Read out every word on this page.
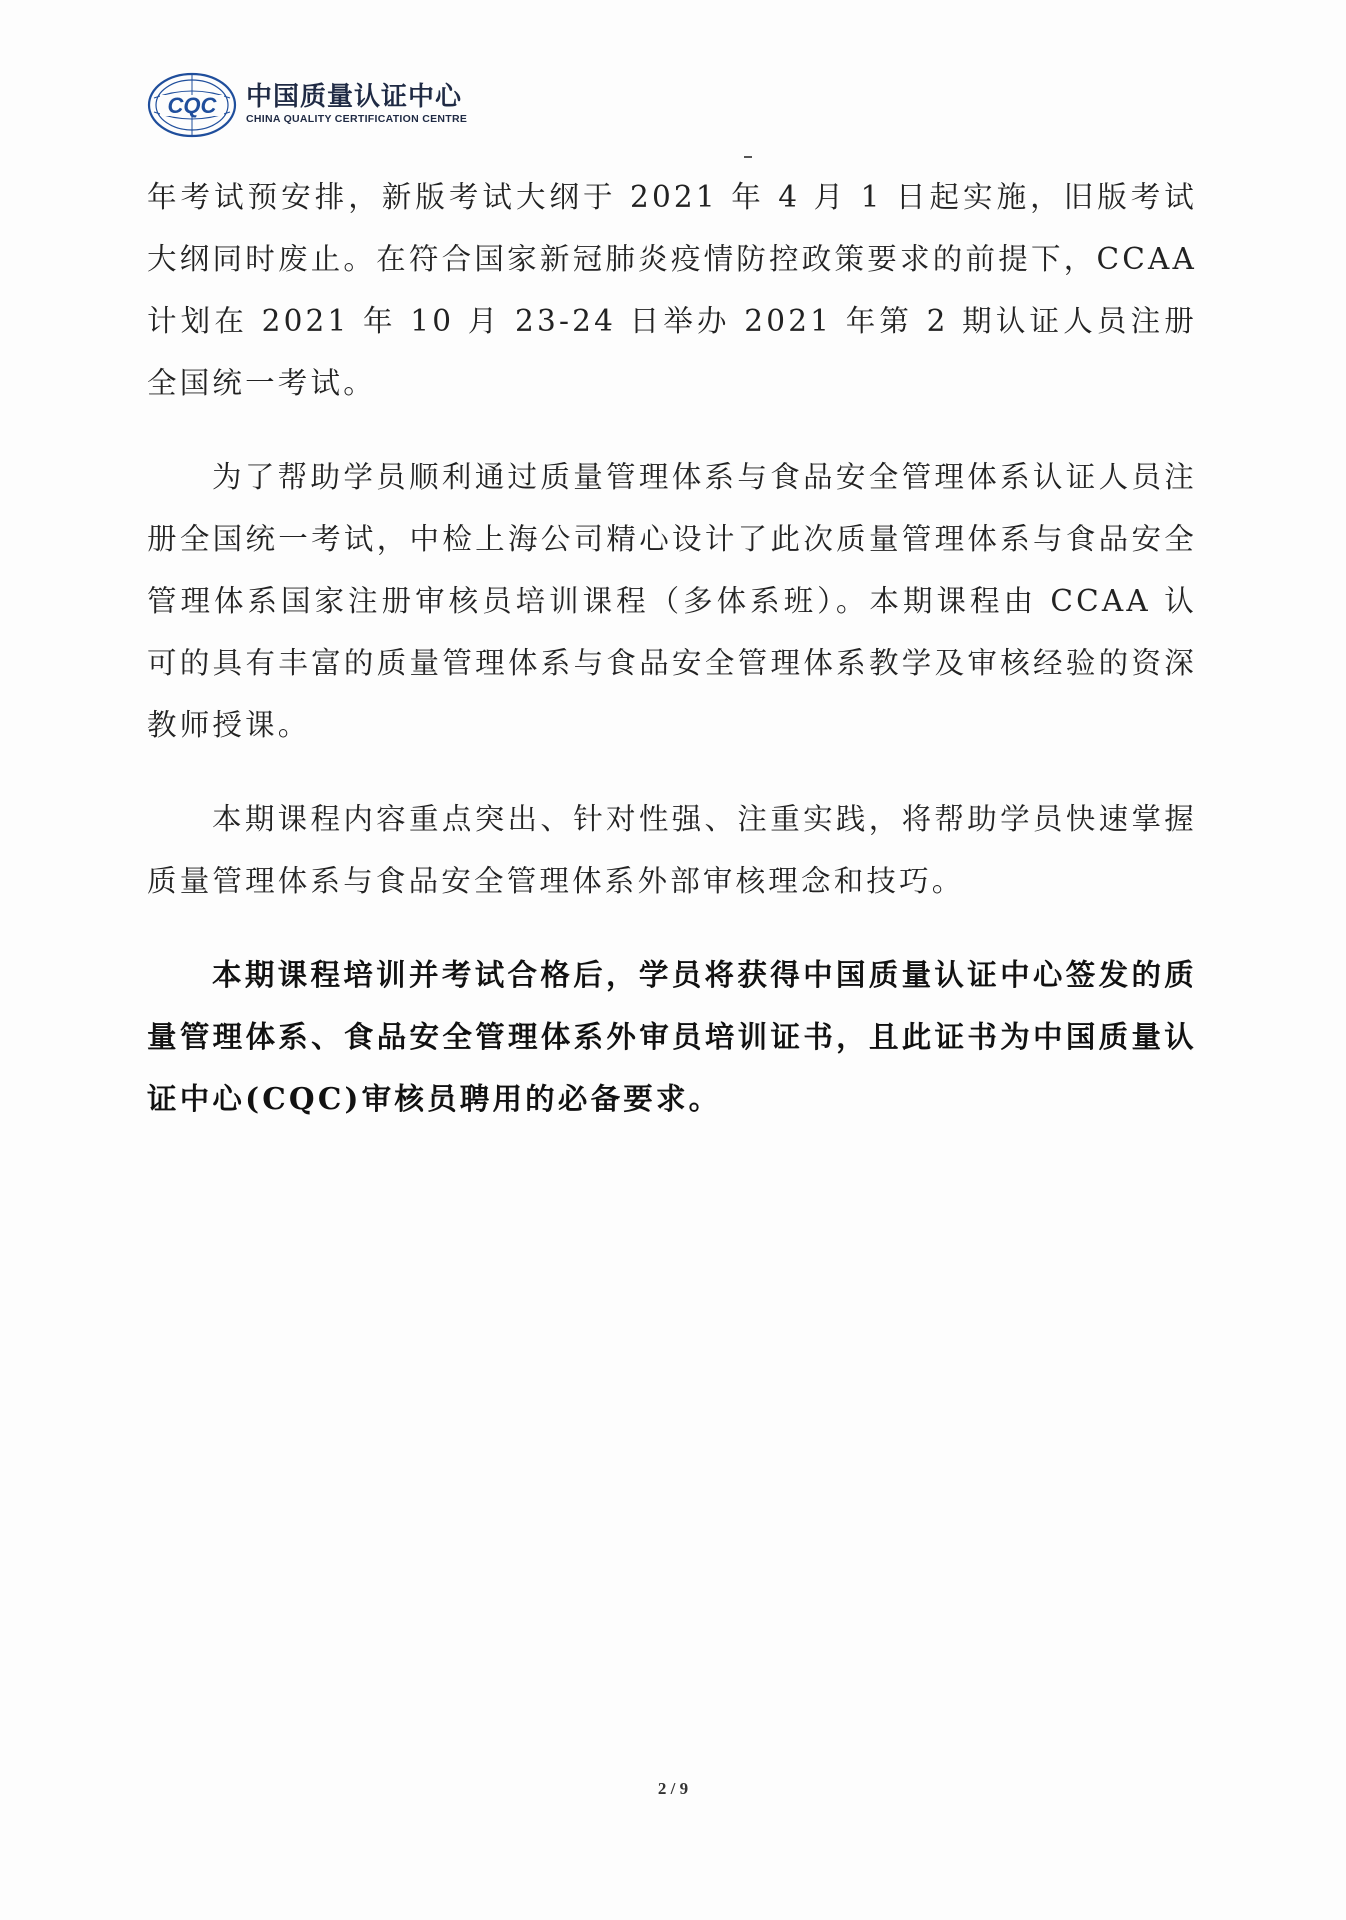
CQC 中国质量认证中心
CHINA QUALITY CERTIFICATION CENTRE

年考试预安排，新版考试大纲于 2021 年 4 月 1 日起实施，旧版考试大纲同时废止。在符合国家新冠肺炎疫情防控政策要求的前提下，CCAA 计划在 2021 年 10 月 23-24 日举办 2021 年第 2 期认证人员注册全国统一考试。

为了帮助学员顺利通过质量管理体系与食品安全管理体系认证人员注册全国统一考试，中检上海公司精心设计了此次质量管理体系与食品安全管理体系国家注册审核员培训课程（多体系班）。本期课程由 CCAA 认可的具有丰富的质量管理体系与食品安全管理体系教学及审核经验的资深教师授课。

本期课程内容重点突出、针对性强、注重实践，将帮助学员快速掌握质量管理体系与食品安全管理体系外部审核理念和技巧。

本期课程培训并考试合格后，学员将获得中国质量认证中心签发的质量管理体系、食品安全管理体系外审员培训证书，且此证书为中国质量认证中心(CQC)审核员聘用的必备要求。

2 / 9
